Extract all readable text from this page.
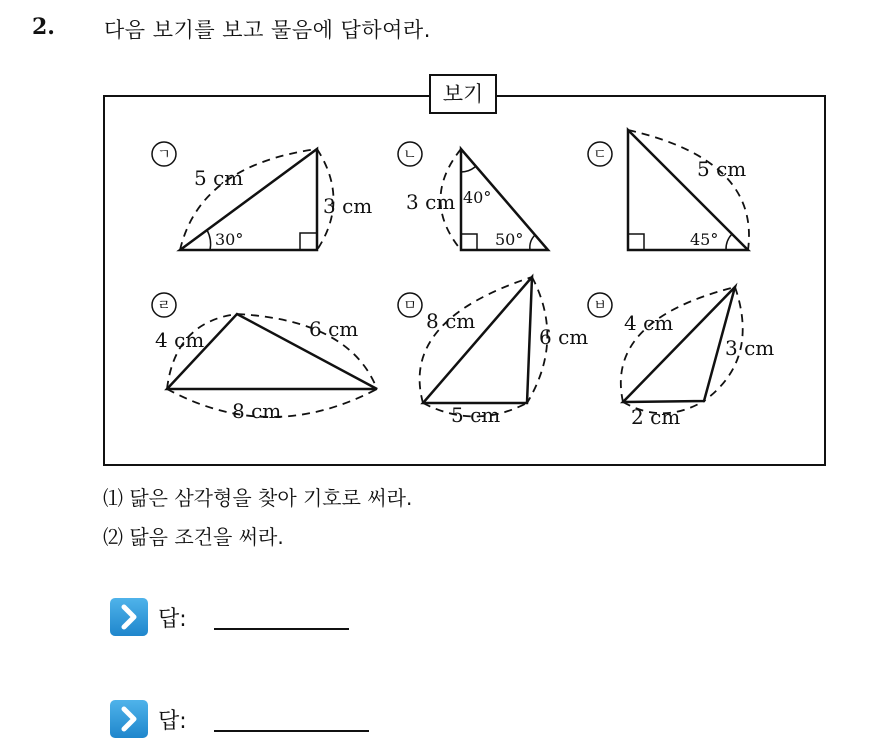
2. 다음 보기를 보고 물음에 답하여라.
ㄱ	ㄴ	ㄷ
ㄹ	ㅁ	ㅂ
5 cm
3 cm
30°
3 cm 40°
50°
5 cm
45°
4 cm	6 cm
8 cm
8 cm
6 cm
5 cm
4 cm
3 cm
2 cm
보기
⑴ 닮은 삼각형을 찾아 기호로 써라.
⑵ 닮음 조건을 써라.
답:
답:
